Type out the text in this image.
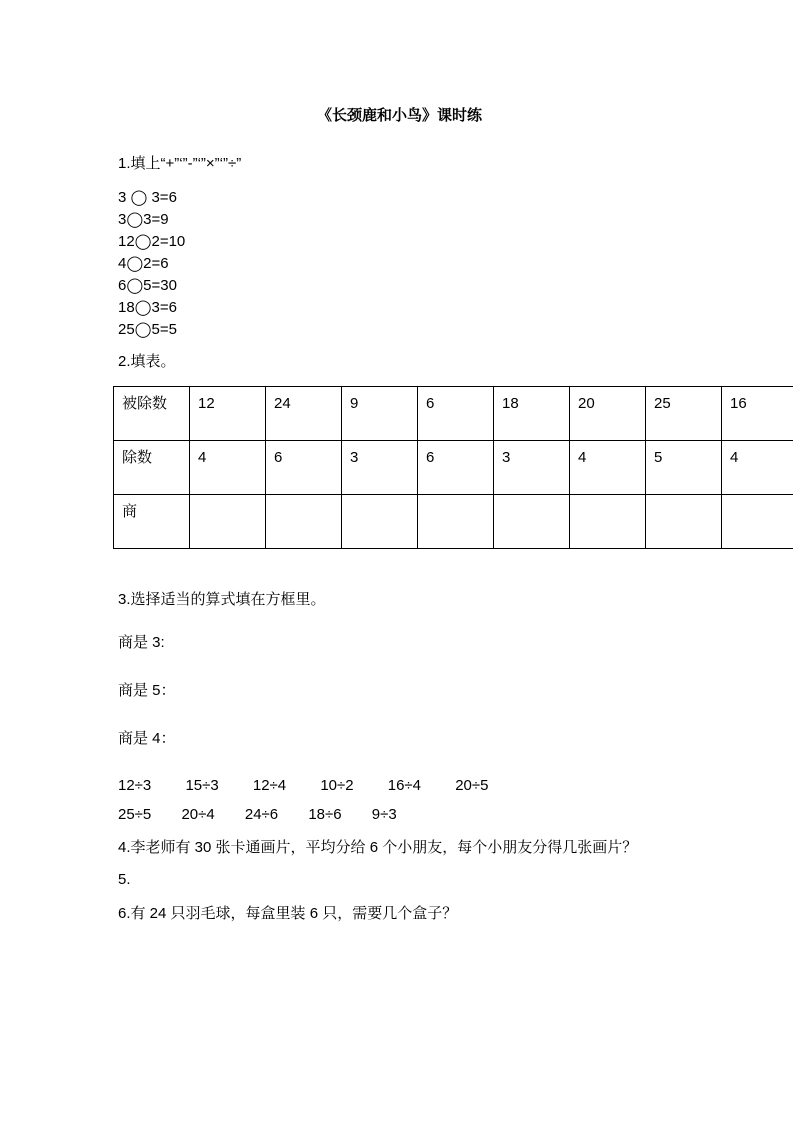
《长颈鹿和小鸟》课时练

1.填上“+”‘”-”‘”×”‘”÷”

3 ◯ 3=6
3◯3=9
12◯2=10
4◯2=6
6◯5=30
18◯3=6
25◯5=5

2.填表。

被除数	12	24	9	6	18	20	25	16
除数	4	6	3	6	3	4	5	4
商								

3.选择适当的算式填在方框里。

商是 3:

商是 5：

商是 4：

12÷3 15÷3 12÷4 10÷2 16÷4 20÷5
25÷5 20÷4 24÷6 18÷6 9÷3

4.李老师有 30 张卡通画片，平均分给 6 个小朋友，每个小朋友分得几张画片？

5.

6.有 24 只羽毛球，每盒里装 6 只，需要几个盒子？
